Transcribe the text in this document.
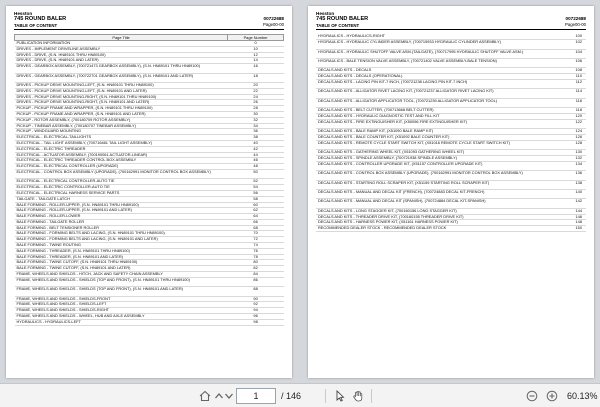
Hesston
745 ROUND BALER
TABLE OF CONTENT
00722688
Page00-00
Page Title	Page Number
PUBLICATION INFORMATION	0
DRIVES - IMPLEMENT DRIVELINE ASSEMBLY	10
DRIVES - DRIVE, (S.N. HN89101 THRU HN89100)	12
DRIVES - DRIVE, (S.N. HN89101 AND LATER)	14
DRIVES - GEARBOX ASSEMBLY, (700721473 GEARBOX ASSEMBLY), (S.N. HN89101 THRU HN89100)	16
DRIVES - GEARBOX ASSEMBLY, (700722701 GEARBOX ASSEMBLY), (S.N. HN89101 AND LATER)	18
DRIVES - PICKUP DRIVE MOUNTING-LEFT, (S.N. HN89101 THRU HN89100)	20
DRIVES - PICKUP DRIVE MOUNTING-LEFT, (S.N. HN89101 AND LATER)	22
DRIVES - PICKUP DRIVE MOUNTING-RIGHT, (S.N. HN89101 THRU HN89100)	24
DRIVES - PICKUP DRIVE MOUNTING-RIGHT, (S.N. HN89101 AND LATER)	26
PICKUP - PICKUP FRAME AND WRAPPER, (S.N. HN89101 THRU HN89100)	28
PICKUP - PICKUP FRAME AND WRAPPER, (S.N. HN89101 AND LATER)	30
PICKUP - ROTOR ASSEMBLY, (700180709 ROTOR ASSEMBLY)	32
PICKUP - TINEBAR ASSEMBLY, (700180707 TINEBAR ASSEMBLY)	34
PICKUP - WINDGUARD MOUNTING	36
ELECTRICAL - ELECTRICAL-TAILLIGHTS	38
ELECTRICAL - TAIL LIGHT ASSEMBLY, (700716461 TAIL LIGHT ASSEMBLY)	40
ELECTRICAL - ELECTRIC THREADER	42
ELECTRICAL - ACTUATOR ASSEMBLY, (700190061 ACTUATOR-LINEAR)	44
ELECTRICAL - ELECTRIC THREADER CONTROL BOX ASSEMBLY	46
ELECTRICAL - ELECTRICAL CONTROLLER (UPGRADE)	48
ELECTRICAL - CONTROL BOX ASSEMBLY (UPGRADE), (700162991 MONITOR CONTROL BOX ASSEMBLY)	50
ELECTRICAL - ELECTRICAL CONTROLLER-AUTO TIE	52
ELECTRICAL - ELECTRIC CONTROLLER-AUTO TIE	54
ELECTRICAL - ELECTRICAL HARNESS SERVICE PARTS	56
TAILGATE - TAILGATE LATCH	58
BALE FORMING - ROLLER-UPPER, (S.N. HN89101 THRU HN89100)	60
BALE FORMING - ROLLER-UPPER, (S.N. HN89101 AND LATER)	62
BALE FORMING - ROLLER-LOWER	64
BALE FORMING - TAILGATE ROLLER	66
BALE FORMING - BELT TENSIONER ROLLER	68
BALE FORMING - FORMING BELTS AND LACING, (S.N. HN89101 THRU HN89100)	70
BALE FORMING - FORMING BELTS AND LACING, (S.N. HN89101 AND LATER)	72
BALE FORMING - TWINE ROUTING	74
BALE FORMING - THREADER, (S.N. HN89101 THRU HN89100)	76
BALE FORMING - THREADER, (S.N. HN89101 AND LATER)	78
BALE FORMING - TWINE CUTOFF, (S.N. HN89101 THRU HN89100)	80
BALE FORMING - TWINE CUTOFF, (S.N. HN89101 AND LATER)	82
FRAME, WHEELS AND SHIELDS - HITCH, JACK AND SAFETY CHAIN ASSEMBLY	84
FRAME, WHEELS AND SHIELDS - SHIELDS (TOP AND FRONT), (S.N. HN89101 THRU HN89100)	86
FRAME, WHEELS AND SHIELDS - SHIELDS (TOP AND FRONT), (S.N. HN89101 AND LATER)	88
FRAME, WHEELS AND SHIELDS - SHIELDS-FRONT	90
FRAME, WHEELS AND SHIELDS - SHIELDS-LEFT	92
FRAME, WHEELS AND SHIELDS - SHIELDS-RIGHT	94
FRAME, WHEELS AND SHIELDS - WHEEL, HUB AND AXLE ASSEMBLY	96
HYDRAULICS - HYDRAULICS-LEFT	98
Hesston
745 ROUND BALER
TABLE OF CONTENT
00722688
Page00-00
HYDRAULICS - HYDRAULICS-RIGHT	100
HYDRAULICS - HYDRAULIC CYLINDER ASSEMBLY, (700715933 HYDRAULIC CYLINDER ASSEMBLY)	102
HYDRAULICS - HYDRAULIC SHUTOFF VALVE ASM.(TAILGATE), (700717995 HYDRAULIC SHUTOFF VALVE ASM.)	104
HYDRAULICS - BALE TENSION VALVE ASSEMBLY, (700721402 VALVE ASSEMBLY-BALE TENSION)	106
DECALS AND KITS - DECALS	108
DECALS AND KITS - DECALS (OPERATIONAL)	110
DECALS AND KITS - LACING PIN KIT-7 INCH, (700721238 LACING PIN KIT-7 INCH)	112
DECALS AND KITS - ALLIGATOR RIVET LACING KIT, (700721237 ALLIGATOR RIVET LACING KIT)	114
DECALS AND KITS - ALLIGATOR APPLICATOR TOOL, (700721239 ALLIGATOR APPLICATOR TOOL)	116
DECALS AND KITS - BELT CUTTER, (700713668 BELT CUTTER)	118
DECALS AND KITS - HYDRAULIC DIAGNOSTIC TEST AND FILL KIT	120
DECALS AND KITS - FIRE EXTINGUISHER KIT, (X50056 FIRE EXTINGUISHER KIT)	122
DECALS AND KITS - BALE RAMP KIT, (X51090 BALE RAMP KIT)	124
DECALS AND KITS - BALE COUNTER KIT, (X51092 BALE COUNTER KIT)	126
DECALS AND KITS - REMOTE CYCLE START SWITCH KIT, (X51016 REMOTE CYCLE START SWITCH KIT)	128
DECALS AND KITS - GATHERING WHEEL KIT, (X51093 GATHERING WHEEL KIT)	130
DECALS AND KITS - SPINDLE ASSEMBLY, (700721938 SPINDLE ASSEMBLY)	132
DECALS AND KITS - CONTROLLER UPGRADE KIT, (X51157 CONTROLLER UPGRADE KIT)	134
DECALS AND KITS - CONTROL BOX ASSEMBLY (UPGRADE), (700162991 MONITOR CONTROL BOX ASSEMBLY)	136
DECALS AND KITS - STARTING ROLL SCRAPER KIT, (X51159 STARTING ROLL SCRAPER KIT)	138
DECALS AND KITS - MANUAL AND DECAL KIT (FRENCH), (700724883 DECAL KIT-FRENCH)	140
DECALS AND KITS - MANUAL AND DECAL KIT (SPANISH), (700724884 DECAL KIT-SPANISH)	142
DECALS AND KITS - LONG STAGGER KIT, (700160156 LONG STAGGER KIT)	144
DECALS AND KITS - THREADER DRIVE KIT, (700160155 THREADER DRIVE KIT)	146
DECALS AND KITS - HARNESS POWER KIT, (X51161 HARNESS POWER KIT)	148
RECOMMENDED DEALER STOCK - RECOMMENDED DEALER STOCK	150
1	/ 146	60.13%
